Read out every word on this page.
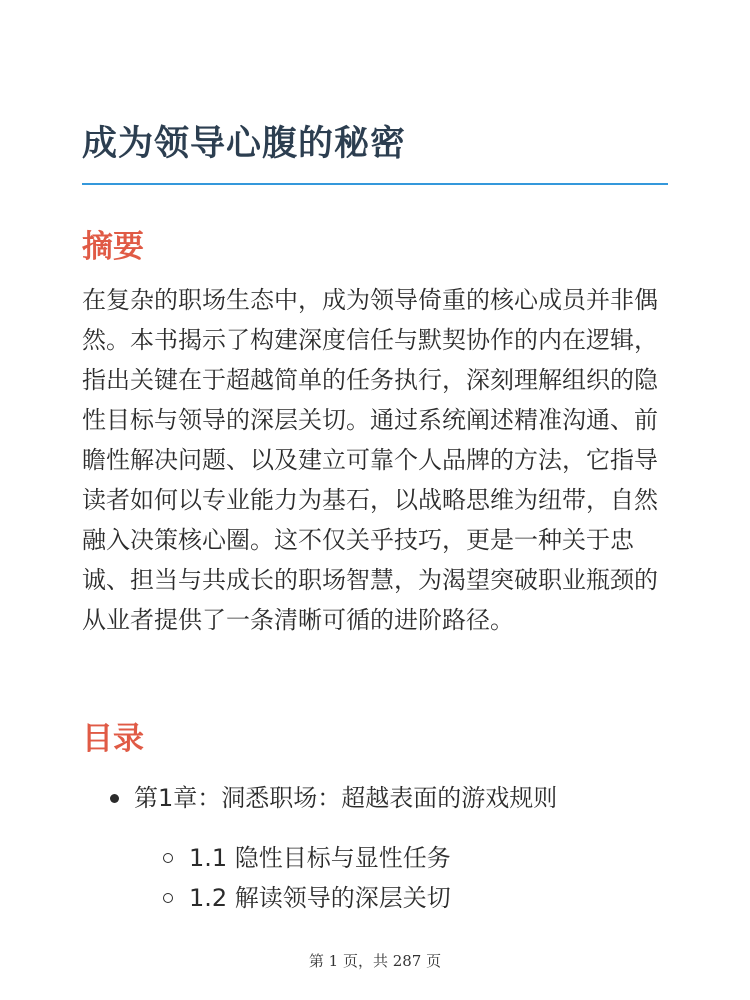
成为领导心腹的秘密
摘要

在复杂的职场生态中，成为领导倚重的核心成员并非偶然。本书揭示了构建深度信任与默契协作的内在逻辑，指出关键在于超越简单的任务执行，深刻理解组织的隐性目标与领导的深层关切。通过系统阐述精准沟通、前瞻性解决问题、以及建立可靠个人品牌的方法，它指导读者如何以专业能力为基石，以战略思维为纽带，自然融入决策核心圈。这不仅关乎技巧，更是一种关于忠诚、担当与共成长的职场智慧，为渴望突破职业瓶颈的从业者提供了一条清晰可循的进阶路径。

目录
第1章：洞悉职场：超越表面的游戏规则
1.1 隐性目标与显性任务
1.2 解读领导的深层关切
第 1 页，共 287 页
